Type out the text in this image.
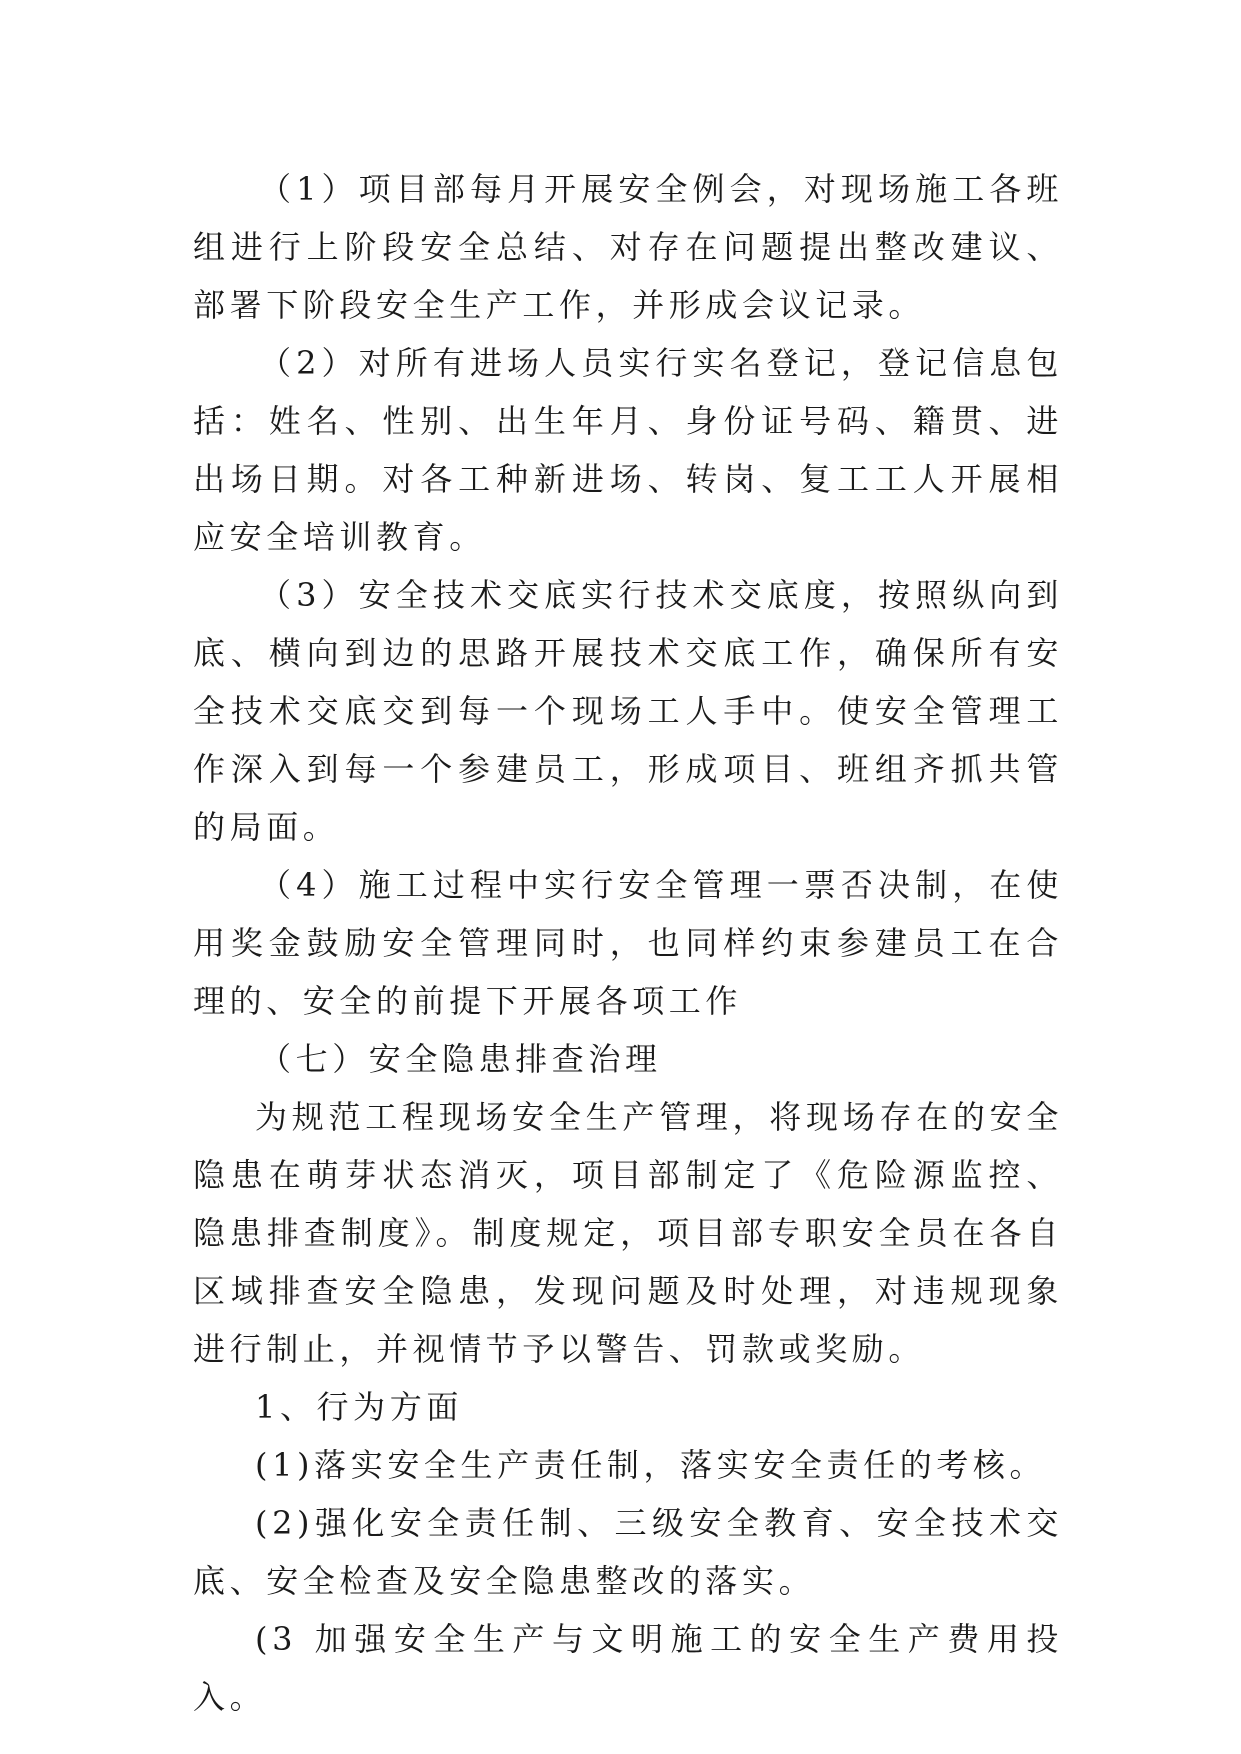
（1）项目部每月开展安全例会，对现场施工各班组进行上阶段安全总结、对存在问题提出整改建议、部署下阶段安全生产工作，并形成会议记录。

（2）对所有进场人员实行实名登记，登记信息包括：姓名、性别、出生年月、身份证号码、籍贯、进出场日期。对各工种新进场、转岗、复工工人开展相应安全培训教育。

（3）安全技术交底实行技术交底度，按照纵向到底、横向到边的思路开展技术交底工作，确保所有安全技术交底交到每一个现场工人手中。使安全管理工作深入到每一个参建员工，形成项目、班组齐抓共管的局面。

（4）施工过程中实行安全管理一票否决制，在使用奖金鼓励安全管理同时，也同样约束参建员工在合理的、安全的前提下开展各项工作

（七）安全隐患排查治理

为规范工程现场安全生产管理，将现场存在的安全隐患在萌芽状态消灭，项目部制定了《危险源监控、隐患排查制度》。制度规定，项目部专职安全员在各自区域排查安全隐患，发现问题及时处理，对违规现象进行制止，并视情节予以警告、罚款或奖励。

1、行为方面

(1)落实安全生产责任制，落实安全责任的考核。

(2)强化安全责任制、三级安全教育、安全技术交底、安全检查及安全隐患整改的落实。

(3 加强安全生产与文明施工的安全生产费用投入。
